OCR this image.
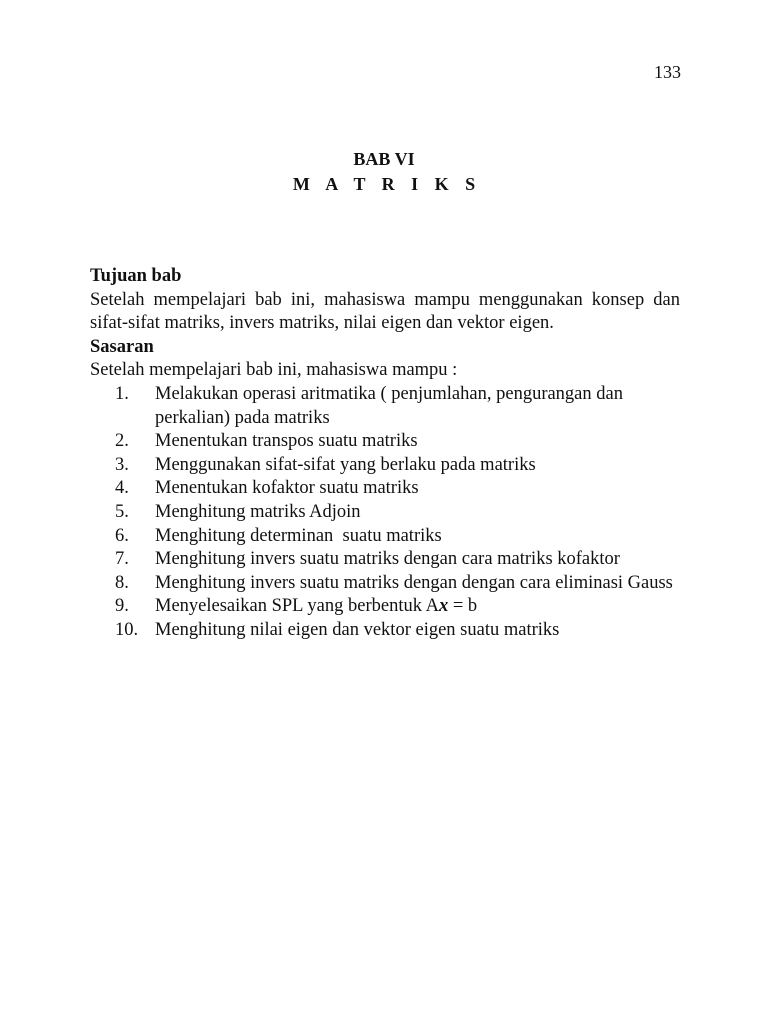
133
BAB VI
M A T R I K S
Tujuan bab
Setelah mempelajari bab ini, mahasiswa mampu menggunakan konsep dan sifat-sifat matriks, invers matriks, nilai eigen dan vektor eigen.
Sasaran
Setelah mempelajari bab ini, mahasiswa mampu :
1.	Melakukan operasi aritmatika ( penjumlahan, pengurangan dan perkalian) pada matriks
2.	Menentukan transpos suatu matriks
3.	Menggunakan sifat-sifat yang berlaku pada matriks
4.	Menentukan kofaktor suatu matriks
5.	Menghitung matriks Adjoin
6.	Menghitung determinan  suatu matriks
7.	Menghitung invers suatu matriks dengan cara matriks kofaktor
8.	Menghitung invers suatu matriks dengan dengan cara eliminasi Gauss
9.	Menyelesaikan SPL yang berbentuk Ax = b
10. Menghitung nilai eigen dan vektor eigen suatu matriks
